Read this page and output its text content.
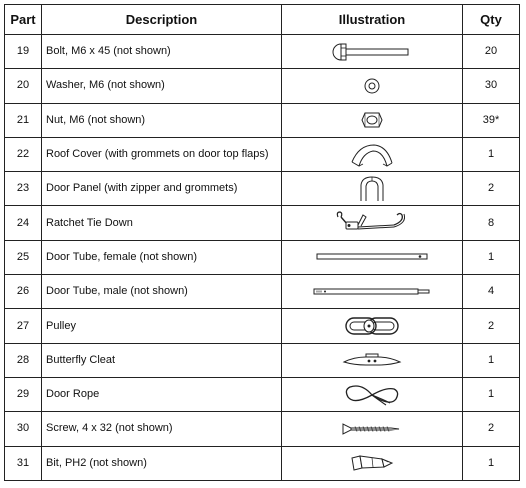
Part	Description	Illustration	Qty
19	Bolt, M6 x 45 (not shown)		20
20	Washer, M6 (not shown)		30
21	Nut, M6 (not shown)		39*
22	Roof Cover (with grommets on door top flaps)		1
23	Door Panel (with zipper and grommets)		2
24	Ratchet Tie Down		8
25	Door Tube, female (not shown)		1
26	Door Tube, male (not shown)		4
27	Pulley		2
28	Butterfly Cleat		1
29	Door Rope		1
30	Screw, 4 x 32 (not shown)		2
31	Bit, PH2 (not shown)		1
